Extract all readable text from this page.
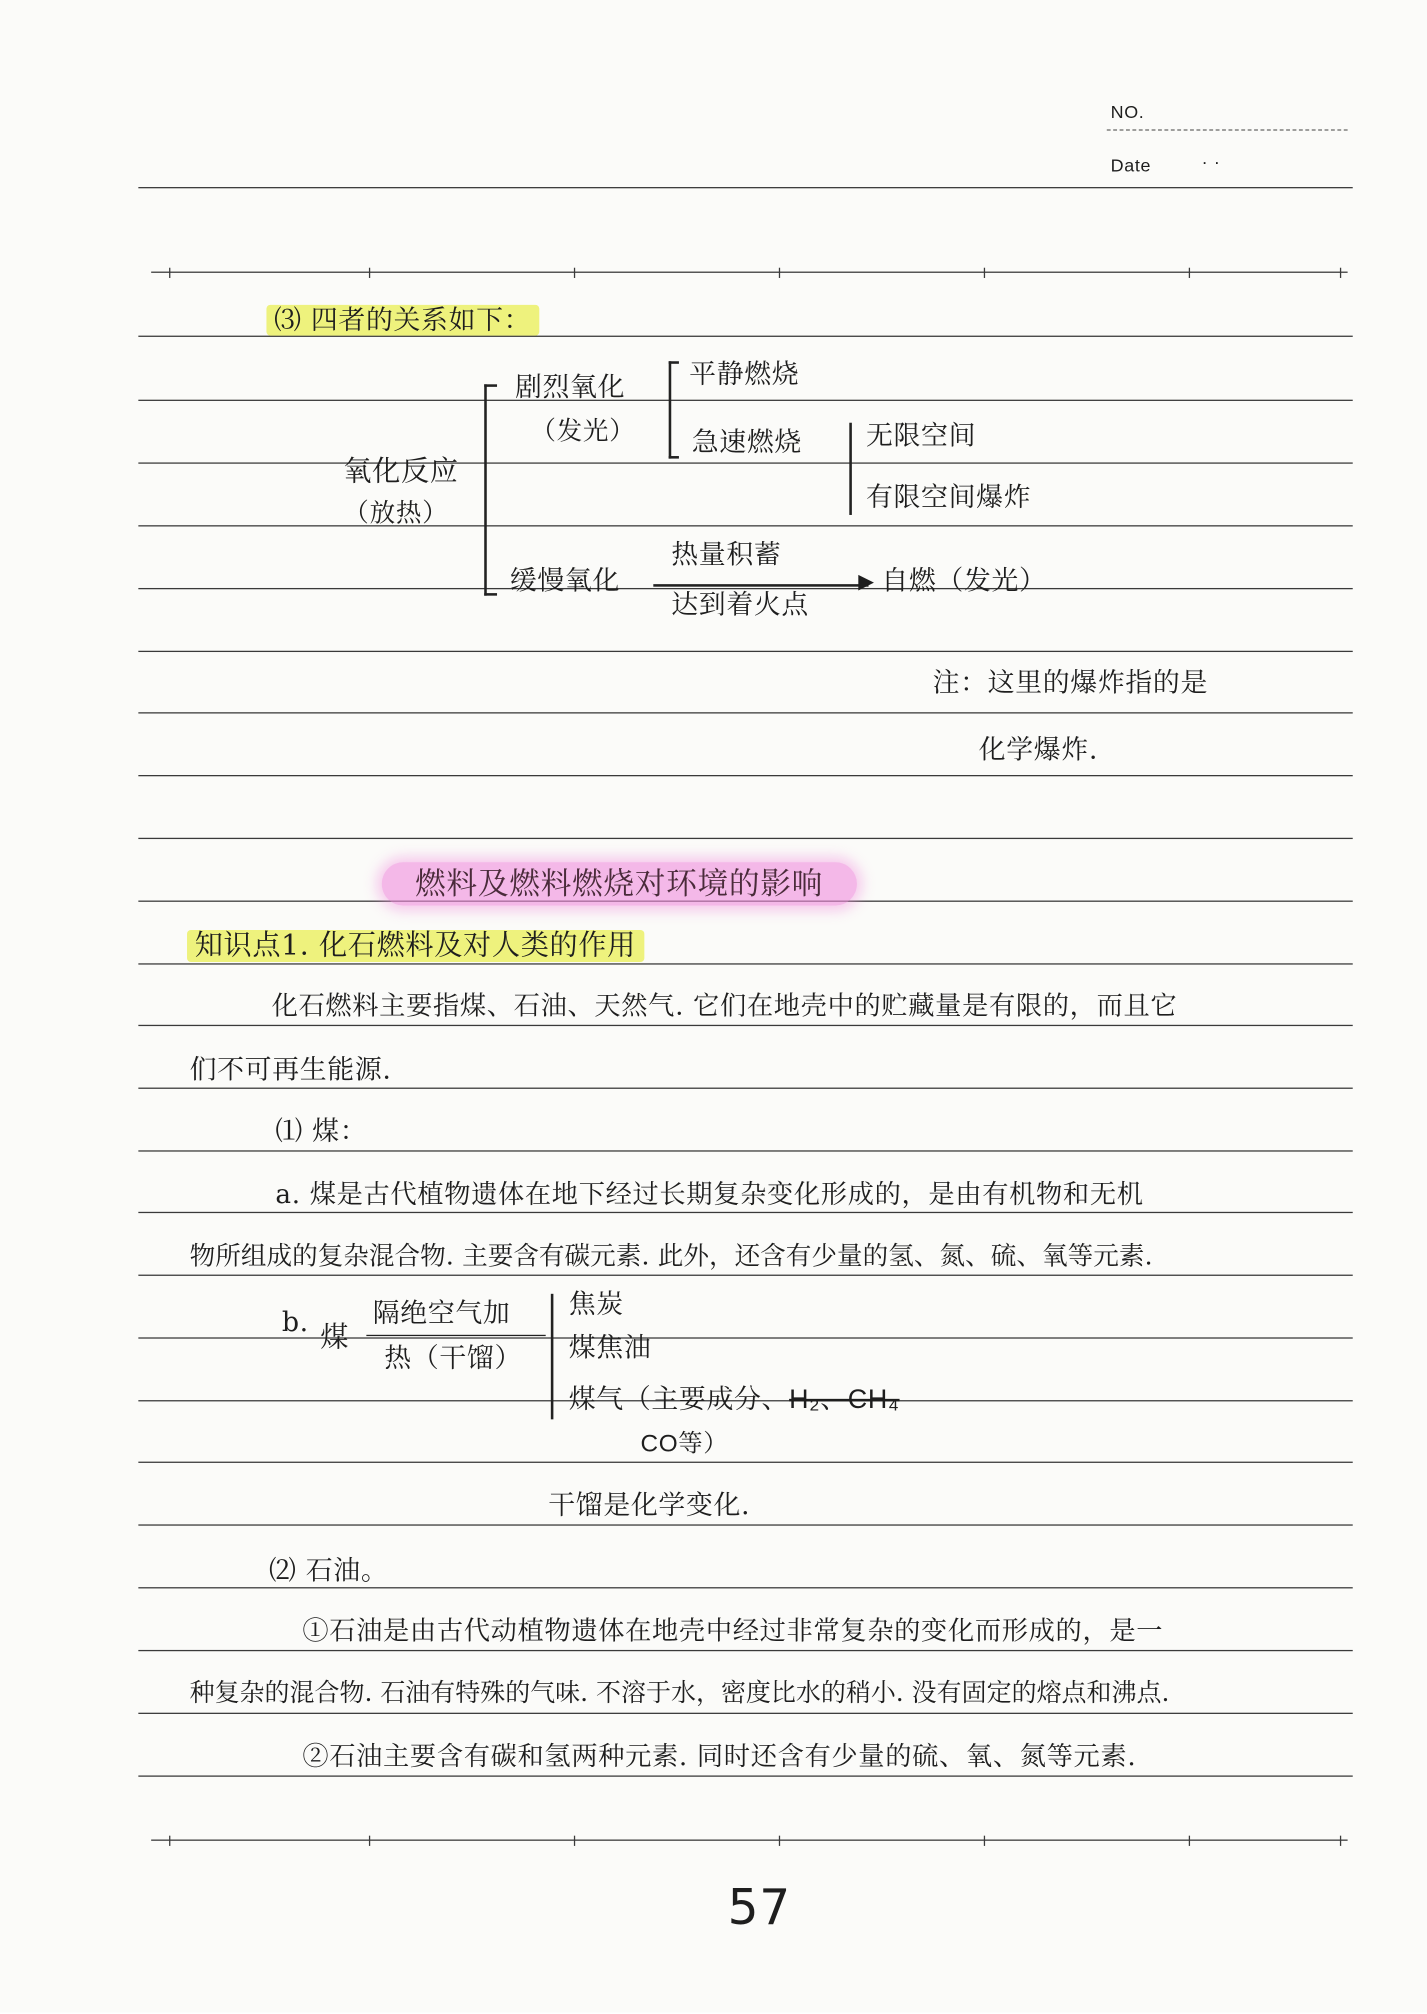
NO.
Date	· ·
⑶ 四者的关系如下：
氧化反应
（放热）
剧烈氧化
（发光）
平静燃烧
急速燃烧	无限空间
有限空间爆炸
缓慢氧化
热量积蓄
▶
达到着火点
自燃（发光）
注：这里的爆炸指的是
化学爆炸.
燃料及燃料燃烧对环境的影响
知识点1. 化石燃料及对人类的作用
化石燃料主要指煤、石油、天然气. 它们在地壳中的贮藏量是有限的，而且它
们不可再生能源.
⑴ 煤：
a. 煤是古代植物遗体在地下经过长期复杂变化形成的，是由有机物和无机
物所组成的复杂混合物. 主要含有碳元素. 此外，还含有少量的氢、氮、硫、氧等元素.
b.
煤
隔绝空气加
热（干馏）
焦炭
煤焦油
煤气（主要成分、H₂、CH₄
CO等）
干馏是化学变化.
⑵ 石油。
①石油是由古代动植物遗体在地壳中经过非常复杂的变化而形成的，是一
种复杂的混合物. 石油有特殊的气味. 不溶于水，密度比水的稍小. 没有固定的熔点和沸点.
②石油主要含有碳和氢两种元素. 同时还含有少量的硫、氧、氮等元素.
57
